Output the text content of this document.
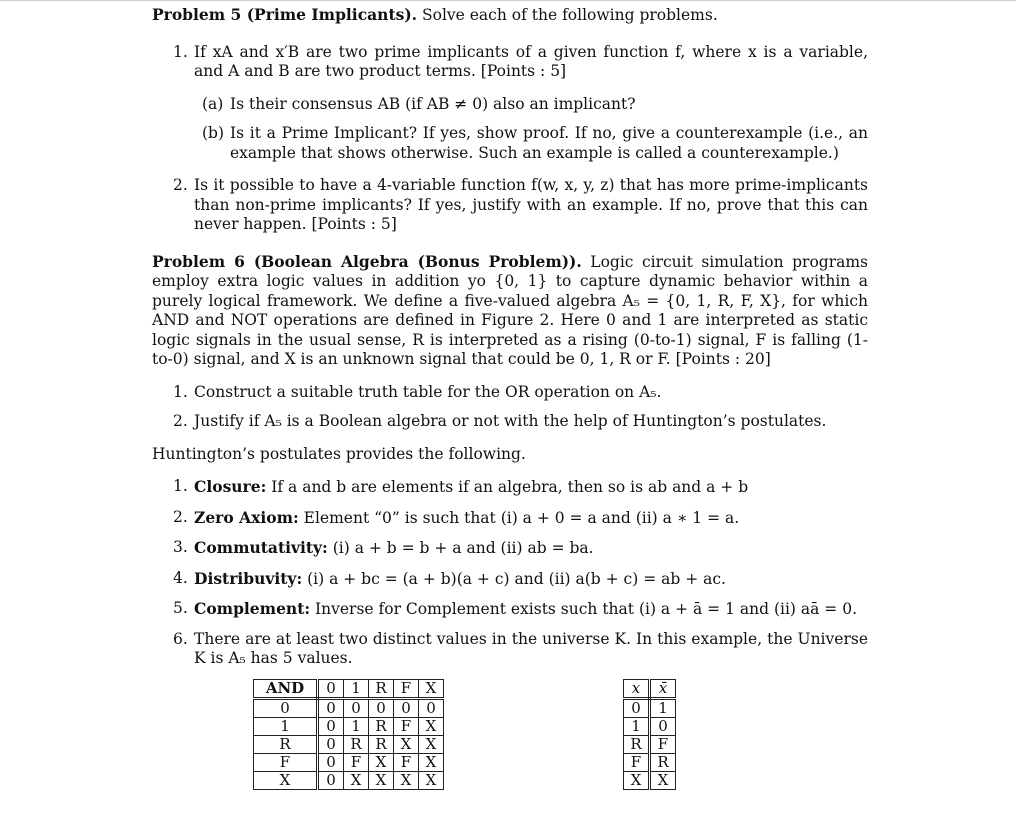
Problem 5 (Prime Implicants). Solve each of the following problems.

1. If xA and x′B are two prime implicants of a given function f, where x is a variable, and A and B are two product terms. [Points : 5]
(a) Is their consensus AB (if AB ≠ 0) also an implicant?
(b) Is it a Prime Implicant? If yes, show proof. If no, give a counterexample (i.e., an example that shows otherwise. Such an example is called a counterexample.)
2. Is it possible to have a 4-variable function f(w, x, y, z) that has more prime-implicants than non-prime implicants? If yes, justify with an example. If no, prove that this can never happen. [Points : 5]

Problem 6 (Boolean Algebra (Bonus Problem)). Logic circuit simulation programs employ extra logic values in addition yo {0, 1} to capture dynamic behavior within a purely logical framework. We define a five-valued algebra A₅ = {0, 1, R, F, X}, for which AND and NOT operations are defined in Figure 2. Here 0 and 1 are interpreted as static logic signals in the usual sense, R is interpreted as a rising (0-to-1) signal, F is falling (1-to-0) signal, and X is an unknown signal that could be 0, 1, R or F. [Points : 20]

1. Construct a suitable truth table for the OR operation on A₅.
2. Justify if A₅ is a Boolean algebra or not with the help of Huntington’s postulates.

Huntington’s postulates provides the following.

1. Closure: If a and b are elements if an algebra, then so is ab and a + b
2. Zero Axiom: Element “0” is such that (i) a + 0 = a and (ii) a ∗ 1 = a.
3. Commutativity: (i) a + b = b + a and (ii) ab = ba.
4. Distribuvity: (i) a + bc = (a + b)(a + c) and (ii) a(b + c) = ab + ac.
5. Complement: Inverse for Complement exists such that (i) a + ā = 1 and (ii) aā = 0.
6. There are at least two distinct values in the universe K. In this example, the Universe K is A₅ has 5 values.
AND	0	1	R	F	X
0	0	0	0	0	0
1	0	1	R	F	X
R	0	R	R	X	X
F	0	F	X	F	X
X	0	X	X	X	X
x	x̄
0	1
1	0
R	F
F	R
X	X
